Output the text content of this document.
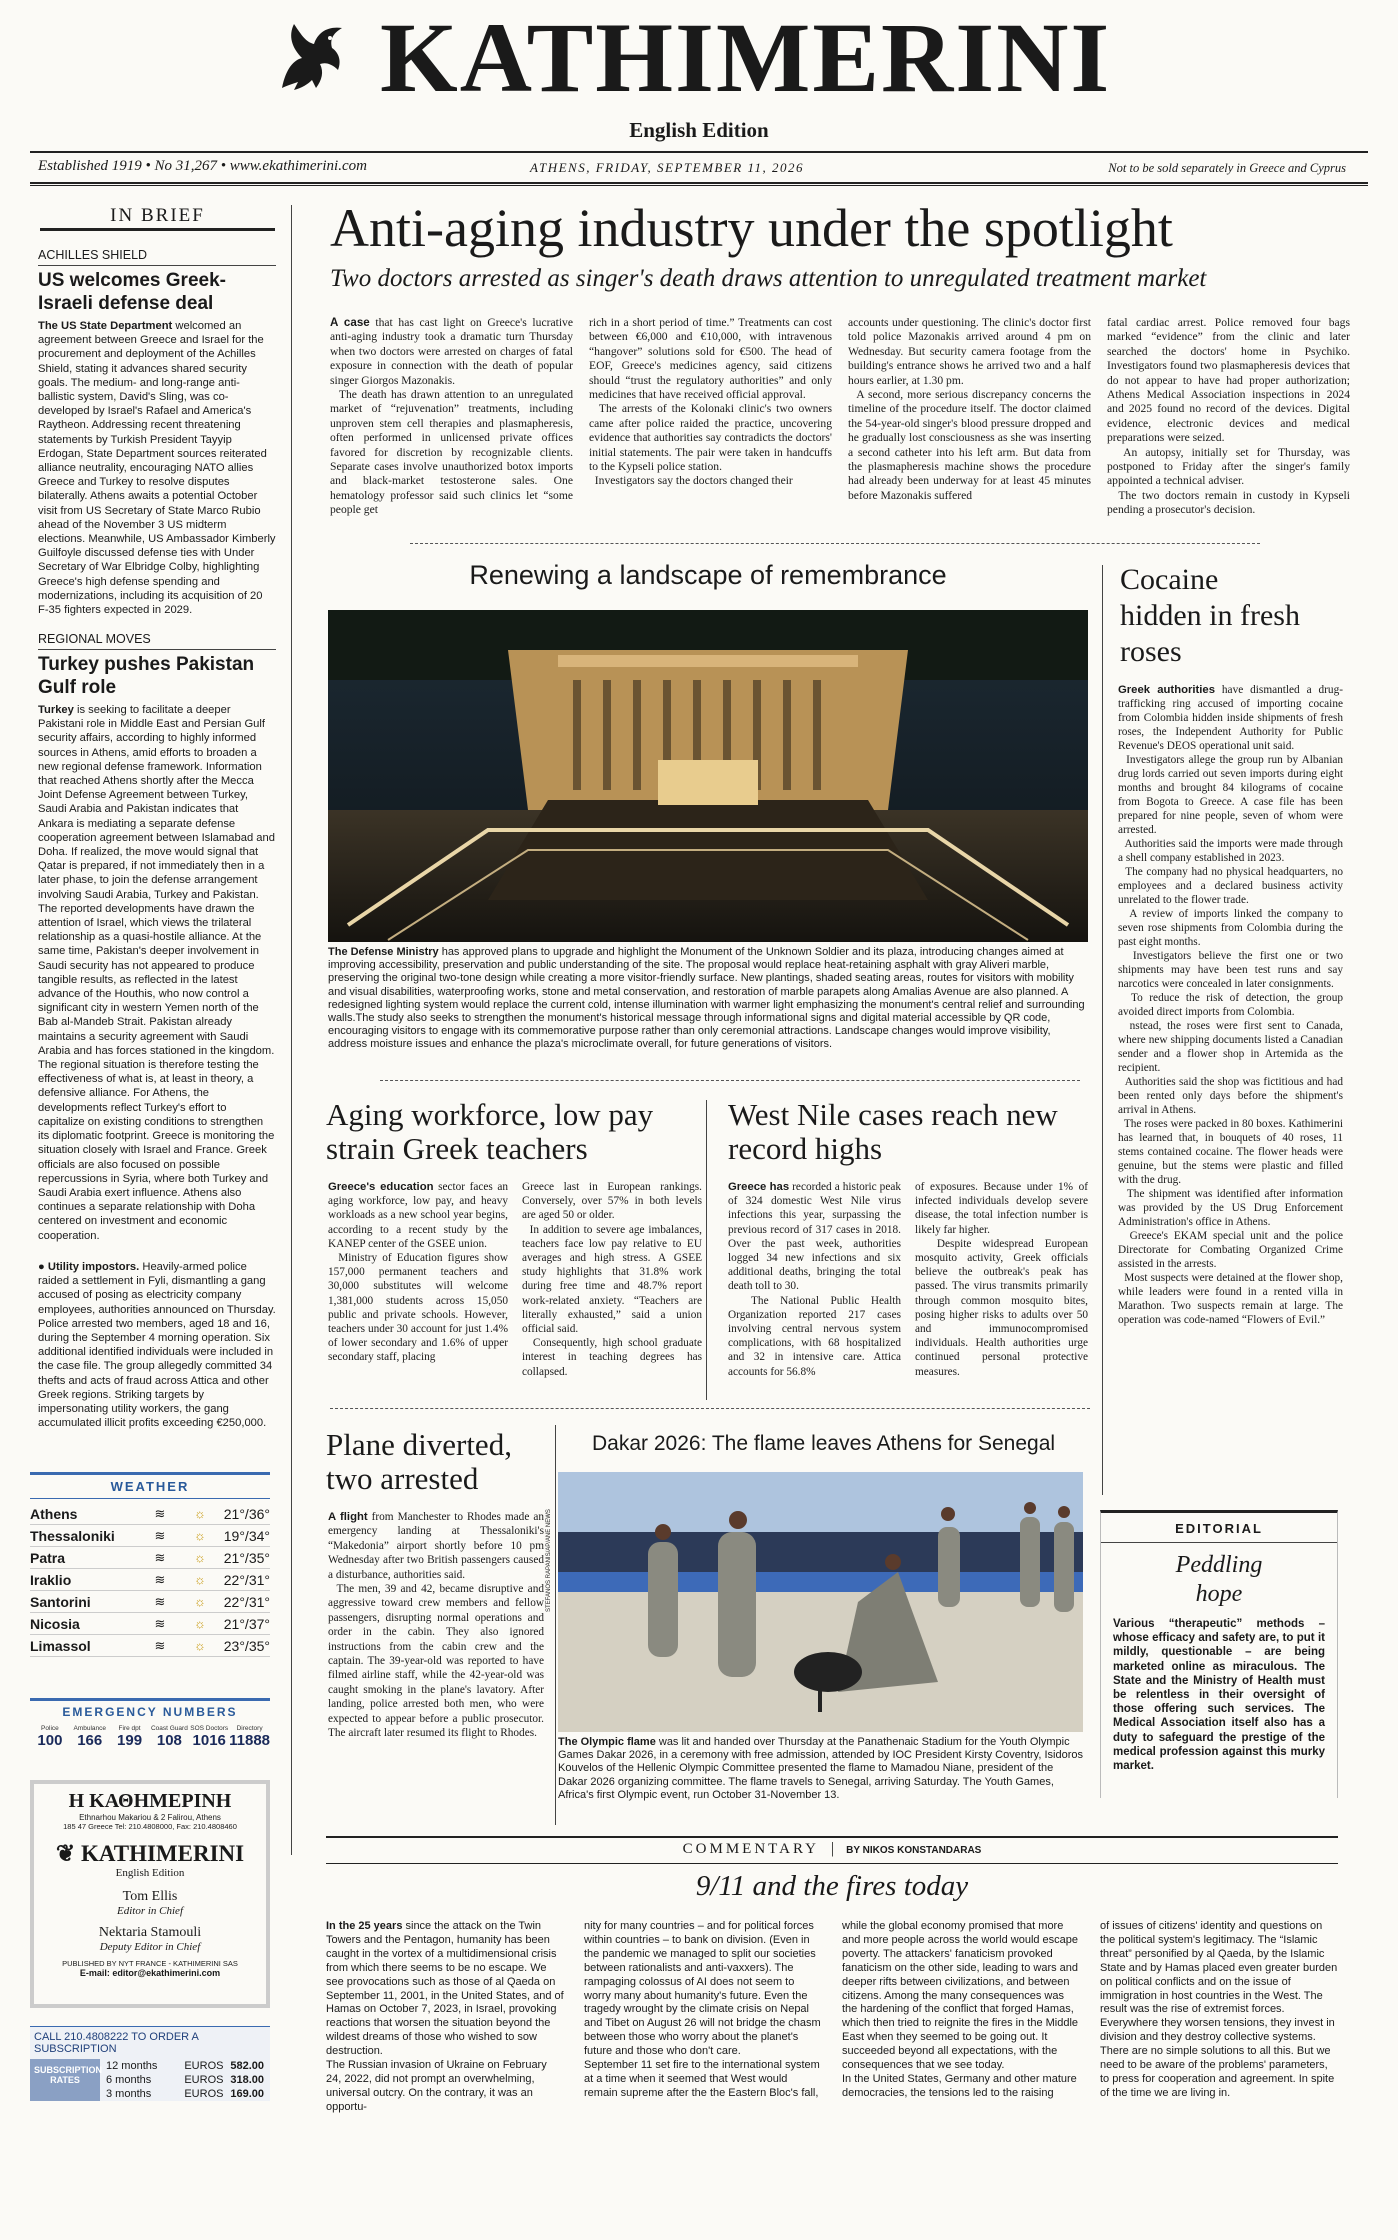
KATHIMERINI
English Edition
Established 1919 • No 31,267 • www.ekathimerini.com	ATHENS, FRIDAY, SEPTEMBER 11, 2026	Not to be sold separately in Greece and Cyprus
IN BRIEF
ACHILLES SHIELD
US welcomes Greek-Israeli defense deal
The US State Department welcomed an agreement between Greece and Israel for the procurement and deployment of the Achilles Shield, stating it advances shared security goals. The medium- and long-range anti-ballistic system, David's Sling, was co-developed by Israel's Rafael and America's Raytheon. Addressing recent threatening statements by Turkish President Tayyip Erdogan, State Department sources reiterated alliance neutrality, encouraging NATO allies Greece and Turkey to resolve disputes bilaterally. Athens awaits a potential October visit from US Secretary of State Marco Rubio ahead of the November 3 US midterm elections. Meanwhile, US Ambassador Kimberly Guilfoyle discussed defense ties with Under Secretary of War Elbridge Colby, highlighting Greece's high defense spending and modernizations, including its acquisition of 20 F-35 fighters expected in 2029.
REGIONAL MOVES
Turkey pushes Pakistan Gulf role
Turkey is seeking to facilitate a deeper Pakistani role in Middle East and Persian Gulf security affairs, according to highly informed sources in Athens, amid efforts to broaden a new regional defense framework. Information that reached Athens shortly after the Mecca Joint Defense Agreement between Turkey, Saudi Arabia and Pakistan indicates that Ankara is mediating a separate defense cooperation agreement between Islamabad and Doha. If realized, the move would signal that Qatar is prepared, if not immediately then in a later phase, to join the defense arrangement involving Saudi Arabia, Turkey and Pakistan. The reported developments have drawn the attention of Israel, which views the trilateral relationship as a quasi-hostile alliance. At the same time, Pakistan's deeper involvement in Saudi security has not appeared to produce tangible results, as reflected in the latest advance of the Houthis, who now control a significant city in western Yemen north of the Bab al-Mandeb Strait. Pakistan already maintains a security agreement with Saudi Arabia and has forces stationed in the kingdom. The regional situation is therefore testing the effectiveness of what is, at least in theory, a defensive alliance. For Athens, the developments reflect Turkey's effort to capitalize on existing conditions to strengthen its diplomatic footprint. Greece is monitoring the situation closely with Israel and France. Greek officials are also focused on possible repercussions in Syria, where both Turkey and Saudi Arabia exert influence. Athens also continues a separate relationship with Doha centered on investment and economic cooperation.
● Utility impostors. Heavily-armed police raided a settlement in Fyli, dismantling a gang accused of posing as electricity company employees, authorities announced on Thursday. Police arrested two members, aged 18 and 16, during the September 4 morning operation. Six additional identified individuals were included in the case file. The group allegedly committed 34 thefts and acts of fraud across Attica and other Greek regions. Striking targets by impersonating utility workers, the gang accumulated illicit profits exceeding €250,000.
WEATHER
Athens	≋	☼	21°/36°
Thessaloniki	≋	☼	19°/34°
Patra	≋	☼	21°/35°
Iraklio	≋	☼	22°/31°
Santorini	≋	☼	22°/31°
Nicosia	≋	☼	21°/37°
Limassol	≋	☼	23°/35°
EMERGENCY NUMBERS
Police
100
Ambulance
166
Fire dpt
199
Coast Guard
108
SOS Doctors
1016
Directory
11888
Η ΚΑΘΗΜΕΡΙΝΗ
Ethnarhou Makariou & 2 Falirou, Athens
185 47 Greece Tel: 210.4808000, Fax: 210.4808460
❦ KATHIMERINI
English Edition
Tom Ellis
Editor in Chief
Nektaria Stamouli
Deputy Editor in Chief
PUBLISHED BY NYT FRANCE - KATHIMERINI SAS
E-mail: editor@ekathimerini.com
CALL 210.4808222 TO ORDER A SUBSCRIPTION
SUBSCRIPTION RATES
12 months	EUROS 582.00
6 months	EUROS 318.00
3 months	EUROS 169.00
Anti-aging industry under the spotlight
Two doctors arrested as singer's death draws attention to unregulated treatment market
A case that has cast light on Greece's lucrative anti-aging industry took a dramatic turn Thursday when two doctors were arrested on charges of fatal exposure in connection with the death of popular singer Giorgos Mazonakis.
The death has drawn attention to an unregulated market of “rejuvenation” treatments, including unproven stem cell therapies and plasmapheresis, often performed in unlicensed private offices favored for discretion by recognizable clients. Separate cases involve unauthorized botox imports and black-market testosterone sales. One hematology professor said such clinics let “some people get
rich in a short period of time.” Treatments can cost between €6,000 and €10,000, with intravenous “hangover” solutions sold for €500. The head of EOF, Greece's medicines agency, said citizens should “trust the regulatory authorities” and only medicines that have received official approval.
The arrests of the Kolonaki clinic's two owners came after police raided the practice, uncovering evidence that authorities say contradicts the doctors' initial statements. The pair were taken in handcuffs to the Kypseli police station.
Investigators say the doctors changed their
accounts under questioning. The clinic's doctor first told police Mazonakis arrived around 4 pm on Wednesday. But security camera footage from the building's entrance shows he arrived two and a half hours earlier, at 1.30 pm.
A second, more serious discrepancy concerns the timeline of the procedure itself. The doctor claimed the 54-year-old singer's blood pressure dropped and he gradually lost consciousness as she was inserting a second catheter into his left arm. But data from the plasmapheresis machine shows the procedure had already been underway for at least 45 minutes before Mazonakis suffered
fatal cardiac arrest. Police removed four bags marked “evidence” from the clinic and later searched the doctors' home in Psychiko. Investigators found two plasmapheresis devices that do not appear to have had proper authorization; Athens Medical Association inspections in 2024 and 2025 found no record of the devices. Digital evidence, electronic devices and medical preparations were seized.
An autopsy, initially set for Thursday, was postponed to Friday after the singer's family appointed a technical adviser.
The two doctors remain in custody in Kypseli pending a prosecutor's decision.
Renewing a landscape of remembrance
The Defense Ministry has approved plans to upgrade and highlight the Monument of the Unknown Soldier and its plaza, introducing changes aimed at improving accessibility, preservation and public understanding of the site. The proposal would replace heat-retaining asphalt with gray Aliveri marble, preserving the original two-tone design while creating a more visitor-friendly surface. New plantings, shaded seating areas, routes for visitors with mobility and visual disabilities, waterproofing works, stone and metal conservation, and restoration of marble parapets along Amalias Avenue are also planned. A redesigned lighting system would replace the current cold, intense illumination with warmer light emphasizing the monument's central relief and surrounding walls.The study also seeks to strengthen the monument's historical message through informational signs and digital material accessible by QR code, encouraging visitors to engage with its commemorative purpose rather than only ceremonial attractions. Landscape changes would improve visibility, address moisture issues and enhance the plaza's microclimate overall, for future generations of visitors.
Cocaine hidden in fresh roses
Greek authorities have dismantled a drug-trafficking ring accused of importing cocaine from Colombia hidden inside shipments of fresh roses, the Independent Authority for Public Revenue's DEOS operational unit said.
Investigators allege the group run by Albanian drug lords carried out seven imports during eight months and brought 84 kilograms of cocaine from Bogota to Greece. A case file has been prepared for nine people, seven of whom were arrested.
Authorities said the imports were made through a shell company established in 2023.
The company had no physical headquarters, no employees and a declared business activity unrelated to the flower trade.
A review of imports linked the company to seven rose shipments from Colombia during the past eight months.
Investigators believe the first one or two shipments may have been test runs and say narcotics were concealed in later consignments.
To reduce the risk of detection, the group avoided direct imports from Colombia.
nstead, the roses were first sent to Canada, where new shipping documents listed a Canadian sender and a flower shop in Artemida as the recipient.
Authorities said the shop was fictitious and had been rented only days before the shipment's arrival in Athens.
The roses were packed in 80 boxes. Kathimerini has learned that, in bouquets of 40 roses, 11 stems contained cocaine. The flower heads were genuine, but the stems were plastic and filled with the drug.
The shipment was identified after information was provided by the US Drug Enforcement Administration's office in Athens.
Greece's EKAM special unit and the police Directorate for Combating Organized Crime assisted in the arrests.
Most suspects were detained at the flower shop, while leaders were found in a rented villa in Marathon. Two suspects remain at large. The operation was code-named “Flowers of Evil.”
Aging workforce, low pay strain Greek teachers
Greece's education sector faces an aging workforce, low pay, and heavy workloads as a new school year begins, according to a recent study by the KANEP center of the GSEE union.
Ministry of Education figures show 157,000 permanent teachers and 30,000 substitutes will welcome 1,381,000 students across 15,050 public and private schools. However, teachers under 30 account for just 1.4% of lower secondary and 1.6% of upper secondary staff, placing
Greece last in European rankings. Conversely, over 57% in both levels are aged 50 or older.
In addition to severe age imbalances, teachers face low pay relative to EU averages and high stress. A GSEE study highlights that 31.8% work during free time and 48.7% report work-related anxiety. “Teachers are literally exhausted,” said a union official said.
Consequently, high school graduate interest in teaching degrees has collapsed.
West Nile cases reach new record highs
Greece has recorded a historic peak of 324 domestic West Nile virus infections this year, surpassing the previous record of 317 cases in 2018. Over the past week, authorities logged 34 new infections and six additional deaths, bringing the total death toll to 30.
The National Public Health Organization reported 217 cases involving central nervous system complications, with 68 hospitalized and 32 in intensive care. Attica accounts for 56.8%
of exposures. Because under 1% of infected individuals develop severe disease, the total infection number is likely far higher.
Despite widespread European mosquito activity, Greek officials believe the outbreak's peak has passed. The virus transmits primarily through common mosquito bites, posing higher risks to adults over 50 and immunocompromised individuals. Health authorities urge continued personal protective measures.
Plane diverted, two arrested
A flight from Manchester to Rhodes made an emergency landing at Thessaloniki's “Makedonia” airport shortly before 10 pm Wednesday after two British passengers caused a disturbance, authorities said.
The men, 39 and 42, became disruptive and aggressive toward crew members and fellow passengers, disrupting normal operations and order in the cabin. They also ignored instructions from the cabin crew and the captain. The 39-year-old was reported to have filmed airline staff, while the 42-year-old was caught smoking in the plane's lavatory. After landing, police arrested both men, who were expected to appear before a public prosecutor. The aircraft later resumed its flight to Rhodes.
Dakar 2026: The flame leaves Athens for Senegal
STEFANOS RAPANIS/AP/ANE NEWS
The Olympic flame was lit and handed over Thursday at the Panathenaic Stadium for the Youth Olympic Games Dakar 2026, in a ceremony with free admission, attended by IOC President Kirsty Coventry, Isidoros Kouvelos of the Hellenic Olympic Committee presented the flame to Mamadou Niane, president of the Dakar 2026 organizing committee. The flame travels to Senegal, arriving Saturday. The Youth Games, Africa's first Olympic event, run October 31-November 13.
EDITORIAL
Peddling hope
Various “therapeutic” methods – whose efficacy and safety are, to put it mildly, questionable – are being marketed online as miraculous. The State and the Ministry of Health must be relentless in their oversight of those offering such services. The Medical Association itself also has a duty to safeguard the prestige of the medical profession against this murky market.
COMMENTARY | BY NIKOS KONSTANDARAS
9/11 and the fires today
In the 25 years since the attack on the Twin Towers and the Pentagon, humanity has been caught in the vortex of a multidimensional crisis from which there seems to be no escape. We see provocations such as those of al Qaeda on September 11, 2001, in the United States, and of Hamas on October 7, 2023, in Israel, provoking reactions that worsen the situation beyond the wildest dreams of those who wished to sow destruction.
The Russian invasion of Ukraine on February 24, 2022, did not prompt an overwhelming, universal outcry. On the contrary, it was an opportu-
nity for many countries – and for political forces within countries – to bank on division. (Even in the pandemic we managed to split our societies between rationalists and anti-vaxxers). The rampaging colossus of AI does not seem to worry many about humanity's future. Even the tragedy wrought by the climate crisis on Nepal and Tibet on August 26 will not bridge the chasm between those who worry about the planet's future and those who don't care.
September 11 set fire to the international system at a time when it seemed that West would remain supreme after the the Eastern Bloc's fall,
while the global economy promised that more and more people across the world would escape poverty. The attackers' fanaticism provoked fanaticism on the other side, leading to wars and deeper rifts between civilizations, and between citizens. Among the many consequences was the hardening of the conflict that forged Hamas, which then tried to reignite the fires in the Middle East when they seemed to be going out. It succeeded beyond all expectations, with the consequences that we see today.
In the United States, Germany and other mature democracies, the tensions led to the raising
of issues of citizens' identity and questions on the political system's legitimacy. The “Islamic threat” personified by al Qaeda, by the Islamic State and by Hamas placed even greater burden on political conflicts and on the issue of immigration in host countries in the West. The result was the rise of extremist forces. Everywhere they worsen tensions, they invest in division and they destroy collective systems. There are no simple solutions to all this. But we need to be aware of the problems' parameters, to press for cooperation and agreement. In spite of the time we are living in.
